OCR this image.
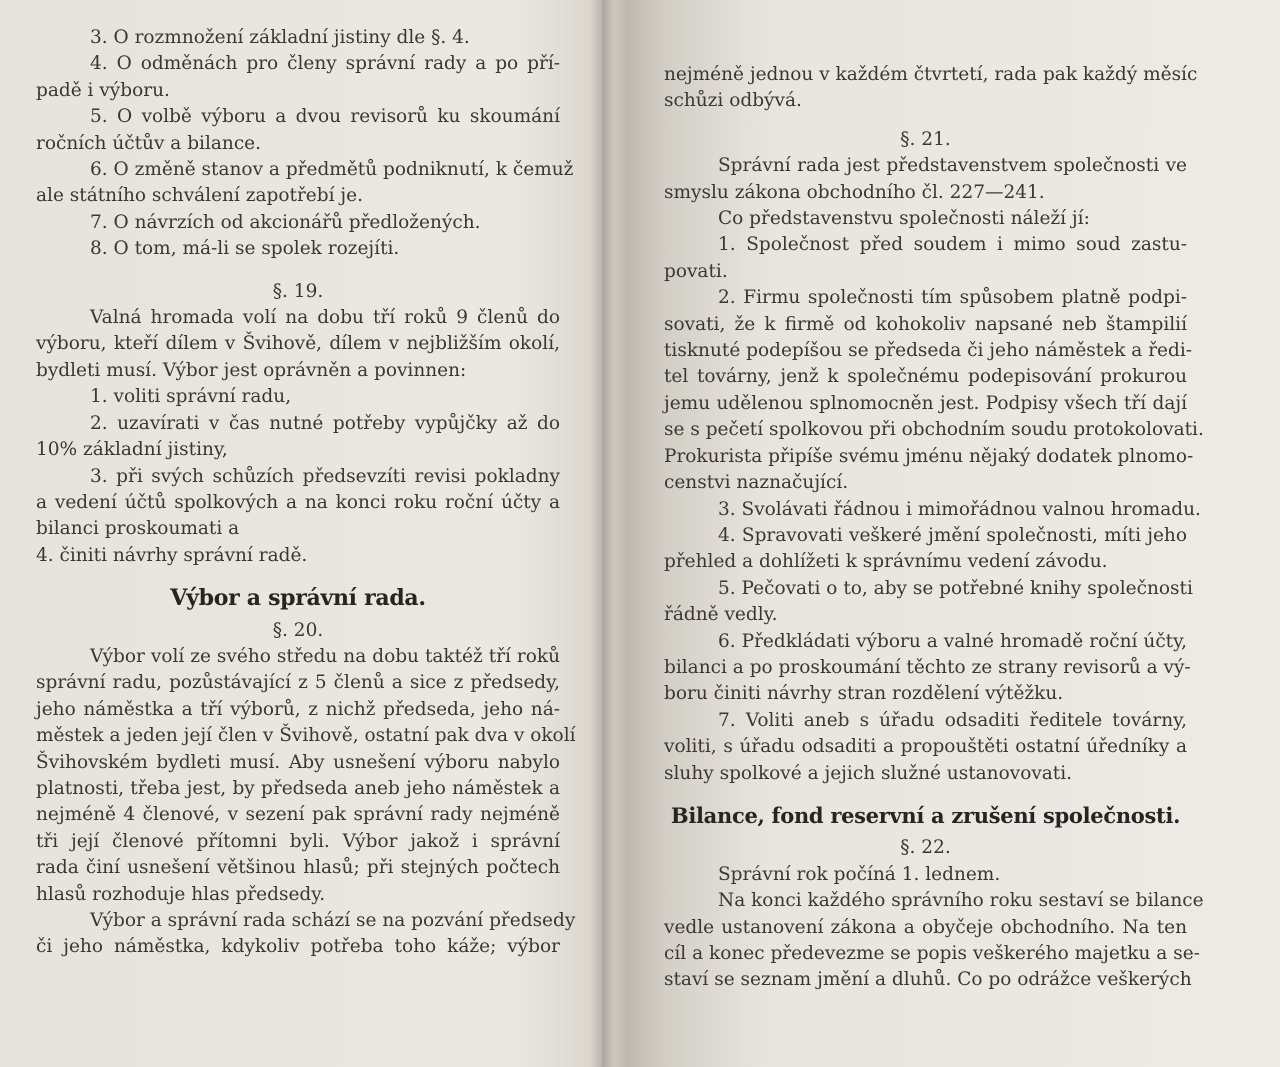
3. O rozmnožení základní jistiny dle §. 4.
4. O odměnách pro členy správní rady a po pří-
padě i výboru.
5. O volbě výboru a dvou revisorů ku skoumání
ročních účtův a bilance.
6. O změně stanov a předmětů podniknutí, k čemuž
ale státního schválení zapotřebí je.
7. O návrzích od akcionářů předložených.
8. O tom, má-li se spolek rozejíti.
§. 19.
Valná hromada volí na dobu tří roků 9 členů do
výboru, kteří dílem v Švihově, dílem v nejbližším okolí,
bydleti musí. Výbor jest oprávněn a povinnen:
1. voliti správní radu,
2. uzavírati v čas nutné potřeby vypůjčky až do
10% základní jistiny,
3. při svých schůzích předsevzíti revisi pokladny
a vedení účtů spolkových a na konci roku roční účty a
bilanci proskoumati a
4. činiti návrhy správní radě.
Výbor a správní rada.
§. 20.
Výbor volí ze svého středu na dobu taktéž tří roků
správní radu, pozůstávající z 5 členů a sice z předsedy,
jeho náměstka a tří výborů, z nichž předseda, jeho ná-
městek a jeden její člen v Švihově, ostatní pak dva v okolí
Švihovském bydleti musí. Aby usnešení výboru nabylo
platnosti, třeba jest, by předseda aneb jeho náměstek a
nejméně 4 členové, v sezení pak správní rady nejméně
tři její členové přítomni byli. Výbor jakož i správní
rada činí usnešení většinou hlasů; při stejných počtech
hlasů rozhoduje hlas předsedy.
Výbor a správní rada schází se na pozvání předsedy
či jeho náměstka, kdykoliv potřeba toho káže; výbor
nejméně jednou v každém čtvrtetí, rada pak každý měsíc
schůzi odbývá.
§. 21.
Správní rada jest představenstvem společnosti ve
smyslu zákona obchodního čl. 227—241.
Co představenstvu společnosti náleží jí:
1. Společnost před soudem i mimo soud zastu-
povati.
2. Firmu společnosti tím spůsobem platně podpi-
sovati, že k firmě od kohokoliv napsané neb štampilií
tisknuté podepíšou se předseda či jeho náměstek a ředi-
tel továrny, jenž k společnému podepisování prokurou
jemu udělenou splnomocněn jest. Podpisy všech tří dají
se s pečetí spolkovou při obchodním soudu protokolovati.
Prokurista připíše svému jménu nějaký dodatek plnomo-
censtvi naznačující.
3. Svolávati řádnou i mimořádnou valnou hromadu.
4. Spravovati veškeré jmění společnosti, míti jeho
přehled a dohlížeti k správnímu vedení závodu.
5. Pečovati o to, aby se potřebné knihy společnosti
řádně vedly.
6. Předkládati výboru a valné hromadě roční účty,
bilanci a po proskoumání těchto ze strany revisorů a vý-
boru činiti návrhy stran rozdělení výtěžku.
7. Voliti aneb s úřadu odsaditi ředitele továrny,
voliti, s úřadu odsaditi a propouštěti ostatní úředníky a
sluhy spolkové a jejich služné ustanovovati.
Bilance, fond reservní a zrušení společnosti.
§. 22.
Správní rok počíná 1. lednem.
Na konci každého správního roku sestaví se bilance
vedle ustanovení zákona a obyčeje obchodního. Na ten
cíl a konec předevezme se popis veškerého majetku a se-
staví se seznam jmění a dluhů. Co po odrážce veškerých
